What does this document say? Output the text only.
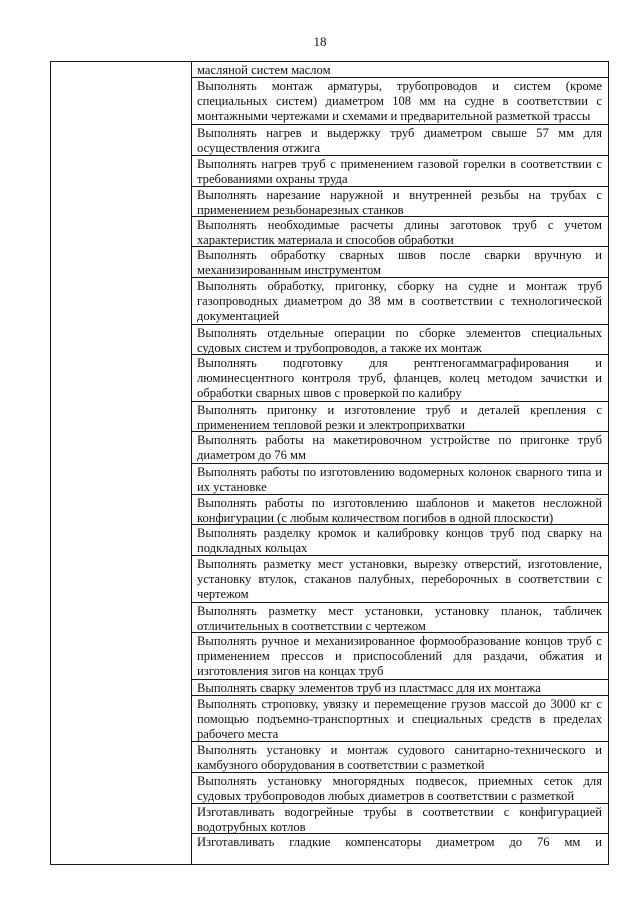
18

масляной систем маслом
Выполнять монтаж арматуры, трубопроводов и систем (кроме специальных систем) диаметром 108 мм на судне в соответствии с монтажными чертежами и схемами и предварительной разметкой трассы
Выполнять нагрев и выдержку труб диаметром свыше 57 мм для осуществления отжига
Выполнять нагрев труб с применением газовой горелки в соответствии с требованиями охраны труда
Выполнять нарезание наружной и внутренней резьбы на трубах с применением резьбонарезных станков
Выполнять необходимые расчеты длины заготовок труб с учетом характеристик материала и способов обработки
Выполнять обработку сварных швов после сварки вручную и механизированным инструментом
Выполнять обработку, пригонку, сборку на судне и монтаж труб газопроводных диаметром до 38 мм в соответствии с технологической документацией
Выполнять отдельные операции по сборке элементов специальных судовых систем и трубопроводов, а также их монтаж
Выполнять подготовку для рентгеногаммаграфирования и люминесцентного контроля труб, фланцев, колец методом зачистки и обработки сварных швов с проверкой по калибру
Выполнять пригонку и изготовление труб и деталей крепления с применением тепловой резки и электроприхватки
Выполнять работы на макетировочном устройстве по пригонке труб диаметром до 76 мм
Выполнять работы по изготовлению водомерных колонок сварного типа и их установке
Выполнять работы по изготовлению шаблонов и макетов несложной конфигурации (с любым количеством погибов в одной плоскости)
Выполнять разделку кромок и калибровку концов труб под сварку на подкладных кольцах
Выполнять разметку мест установки, вырезку отверстий, изготовление, установку втулок, стаканов палубных, переборочных в соответствии с чертежом
Выполнять разметку мест установки, установку планок, табличек отличительных в соответствии с чертежом
Выполнять ручное и механизированное формообразование концов труб с применением прессов и приспособлений для раздачи, обжатия и изготовления зигов на концах труб
Выполнять сварку элементов труб из пластмасс для их монтажа
Выполнять строповку, увязку и перемещение грузов массой до 3000 кг с помощью подъемно-транспортных и специальных средств в пределах рабочего места
Выполнять установку и монтаж судового санитарно-технического и камбузного оборудования в соответствии с разметкой
Выполнять установку многорядных подвесок, приемных сеток для судовых трубопроводов любых диаметров в соответствии с разметкой
Изготавливать водогрейные трубы в соответствии с конфигурацией водотрубных котлов
Изготавливать гладкие компенсаторы диаметром до 76 мм и
